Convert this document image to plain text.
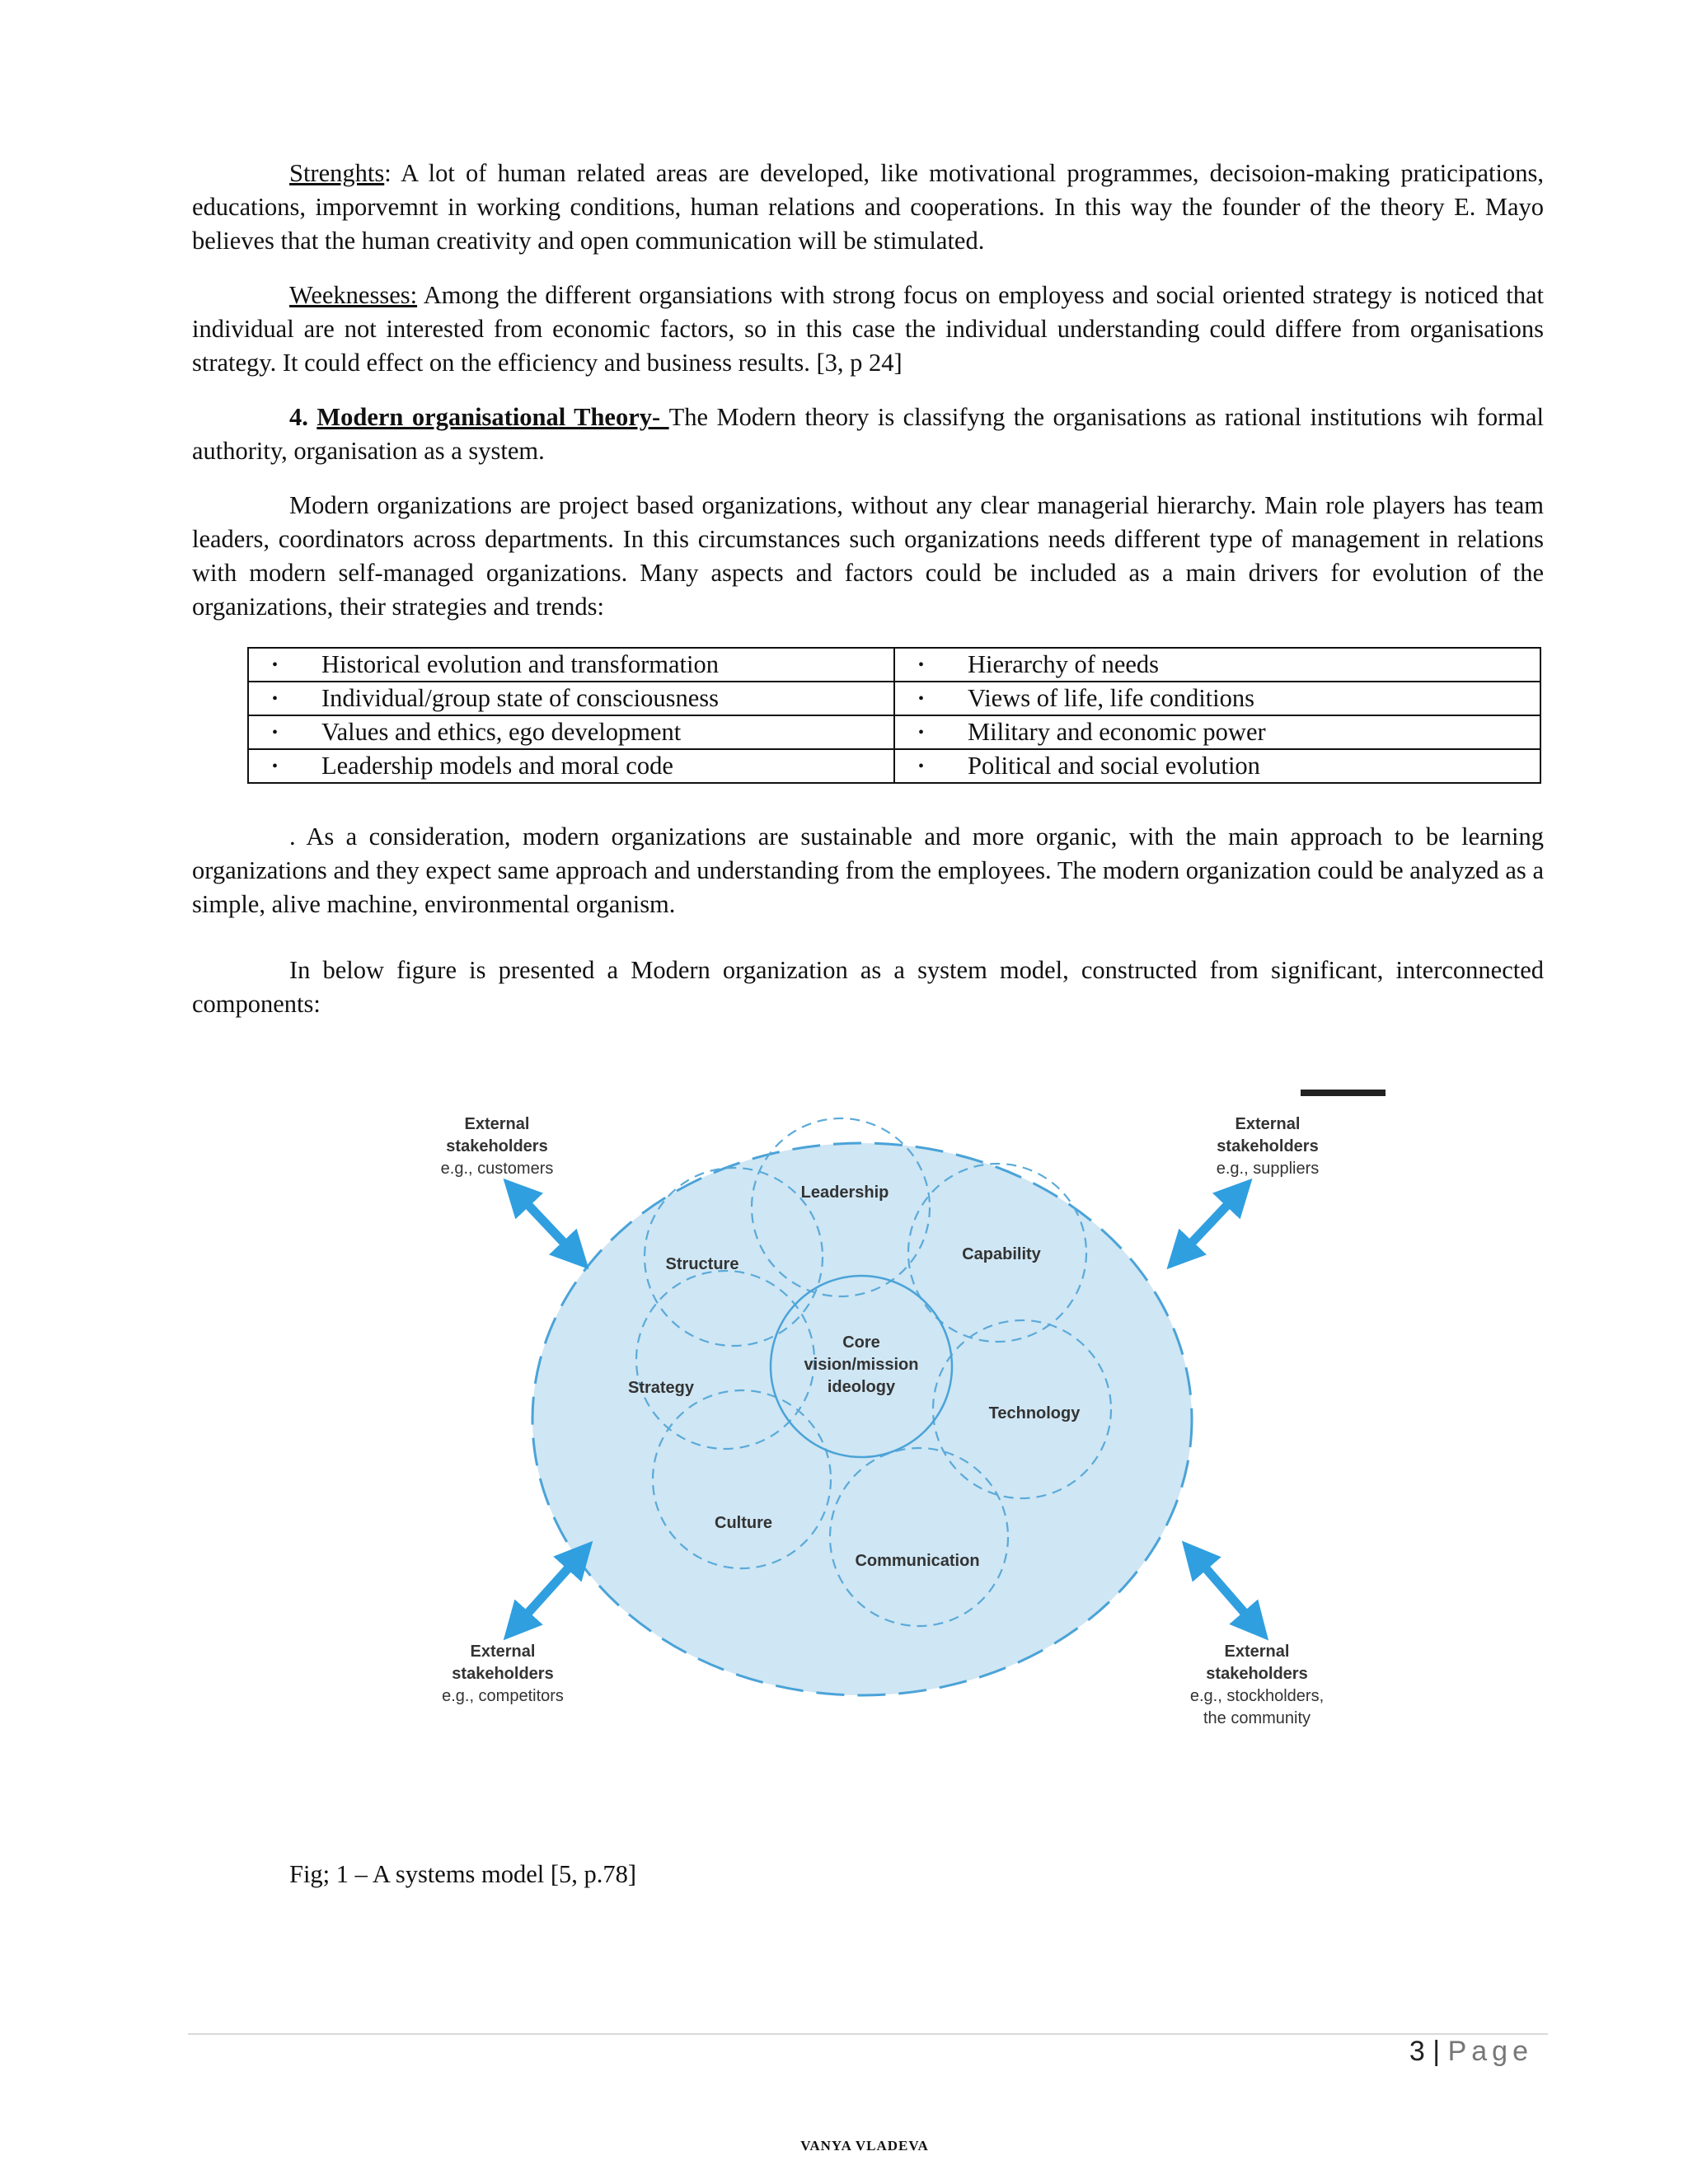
Strenghts: A lot of human related areas are developed, like motivational programmes, decisoion-making praticipations, educations, imporvemnt in working conditions, human relations and cooperations. In this way the founder of the theory E. Mayo believes that the human creativity and open communication will be stimulated.

Weeknesses: Among the different organsiations with strong focus on employess and social oriented strategy is noticed that individual are not interested from economic factors, so in this case the individual understanding could differe from organisations strategy. It could effect on the efficiency and business results. [3, p 24]

4. Modern organisational Theory- The Modern theory is classifyng the organisations as rational institutions wih formal authority, organisation as a system.

Modern organizations are project based organizations, without any clear managerial hierarchy. Main role players has team leaders, coordinators across departments. In this circumstances such organizations needs different type of management in relations with modern self-managed organizations. Many aspects and factors could be included as a main drivers for evolution of the organizations, their strategies and trends:

• Historical evolution and transformation	• Hierarchy of needs
• Individual/group state of consciousness	• Views of life, life conditions
• Values and ethics, ego development	• Military and economic power
• Leadership models and moral code	• Political and social evolution

. As a consideration, modern organizations are sustainable and more organic, with the main approach to be learning organizations and they expect same approach and understanding from the employees. The modern organization could be analyzed as a simple, alive machine, environmental organism.

In below figure is presented a Modern organization as a system model, constructed from significant, interconnected components:

Core
vision/mission
ideology
Leadership
Capability
Technology
Communication
Culture
Strategy
Structure
External
stakeholders
e.g., customers
External
stakeholders
e.g., suppliers
External
stakeholders
e.g., competitors
External
stakeholders
e.g., stockholders,
the community
Fig; 1 – A systems model [5, p.78]
3 | Page
VANYA VLADEVA
